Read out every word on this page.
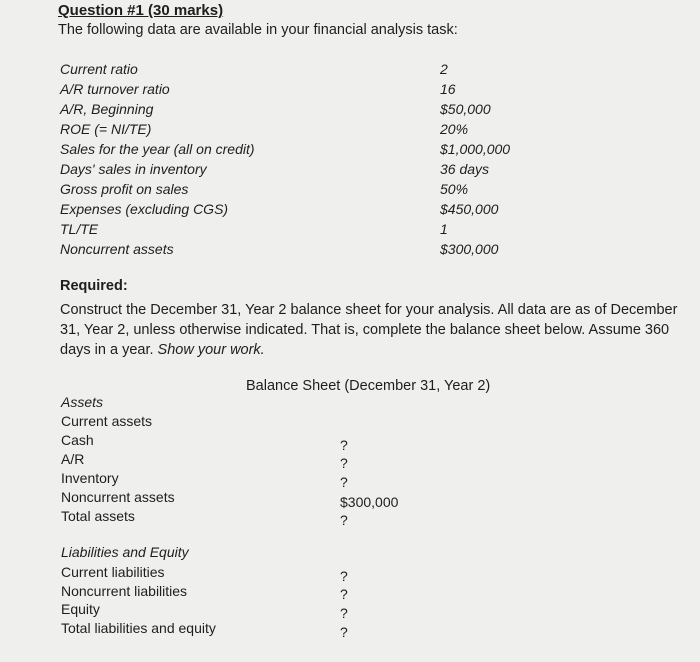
Question #1 (30 marks)
The following data are available in your financial analysis task:
Current ratio	2
A/R turnover ratio	16
A/R, Beginning	$50,000
ROE (= NI/TE)	20%
Sales for the year (all on credit)	$1,000,000
Days' sales in inventory	36 days
Gross profit on sales	50%
Expenses (excluding CGS)	$450,000
TL/TE	1
Noncurrent assets	$300,000
Required:
Construct the December 31, Year 2 balance sheet for your analysis. All data are as of December 31, Year 2, unless otherwise indicated. That is, complete the balance sheet below. Assume 360 days in a year. Show your work.
Balance Sheet (December 31, Year 2)
Assets
Current assets
Cash	?
A/R	?
Inventory	?
Noncurrent assets	$300,000
Total assets	?
Liabilities and Equity
Current liabilities	?
Noncurrent liabilities	?
Equity	?
Total liabilities and equity	?
